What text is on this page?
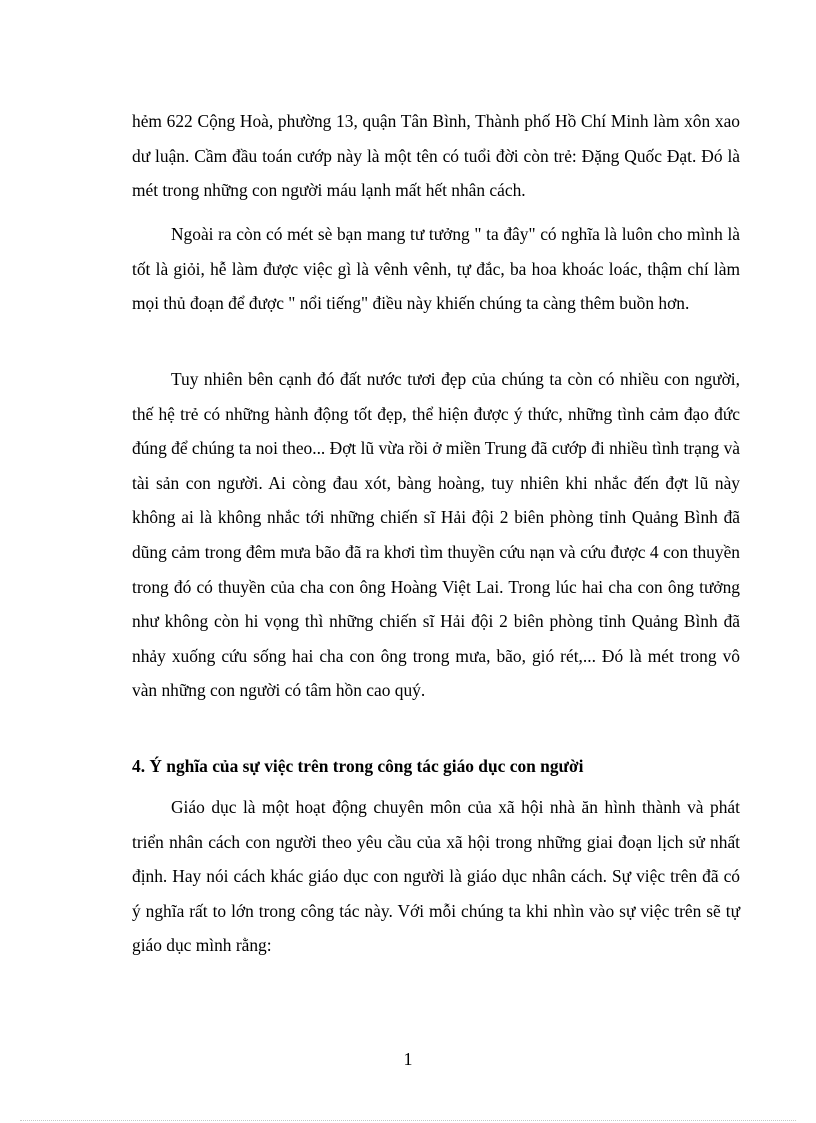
hẻm 622 Cộng Hoà, phường 13, quận Tân Bình, Thành phố Hồ Chí Minh làm xôn xao dư luận. Cầm đầu toán cướp này là một tên có tuổi đời còn trẻ: Đặng Quốc Đạt. Đó là mét trong những con người máu lạnh mất hết nhân cách.

Ngoài ra còn có mét sè bạn mang tư tưởng " ta đây" có nghĩa là luôn cho mình là tốt là giỏi, hễ làm được việc gì là vênh vênh, tự đắc, ba hoa khoác loác, thậm chí làm mọi thủ đoạn để được " nổi tiếng" điều này khiến chúng ta càng thêm buồn hơn.

Tuy nhiên bên cạnh đó đất nước tươi đẹp của chúng ta còn có nhiều con người, thế hệ trẻ có những hành động tốt đẹp, thể hiện được ý thức, những tình cảm đạo đức đúng để chúng ta noi theo... Đợt lũ vừa rồi ở miền Trung đã cướp đi nhiều tình trạng và tài sản con người. Ai còng đau xót, bàng hoàng, tuy nhiên khi nhắc đến đợt lũ này không ai là không nhắc tới những chiến sĩ Hải đội 2 biên phòng tỉnh Quảng Bình đã dũng cảm trong đêm mưa bão đã ra khơi tìm thuyền cứu nạn và cứu được 4 con thuyền trong đó có thuyền của cha con ông Hoàng Việt Lai. Trong lúc hai cha con ông tưởng như không còn hi vọng thì những chiến sĩ Hải đội 2 biên phòng tỉnh Quảng Bình đã nhảy xuống cứu sống hai cha con ông trong mưa, bão, gió rét,... Đó là mét trong vô vàn những con người có tâm hồn cao quý.

4. Ý nghĩa của sự việc trên trong công tác giáo dục con người

Giáo dục là một hoạt động chuyên môn của xã hội nhà ăn hình thành và phát triển nhân cách con người theo yêu cầu của xã hội trong những giai đoạn lịch sử nhất định. Hay nói cách khác giáo dục con người là giáo dục nhân cách. Sự việc trên đã có ý nghĩa rất to lớn trong công tác này. Với mỗi chúng ta khi nhìn vào sự việc trên sẽ tự giáo dục mình rằng:

1
